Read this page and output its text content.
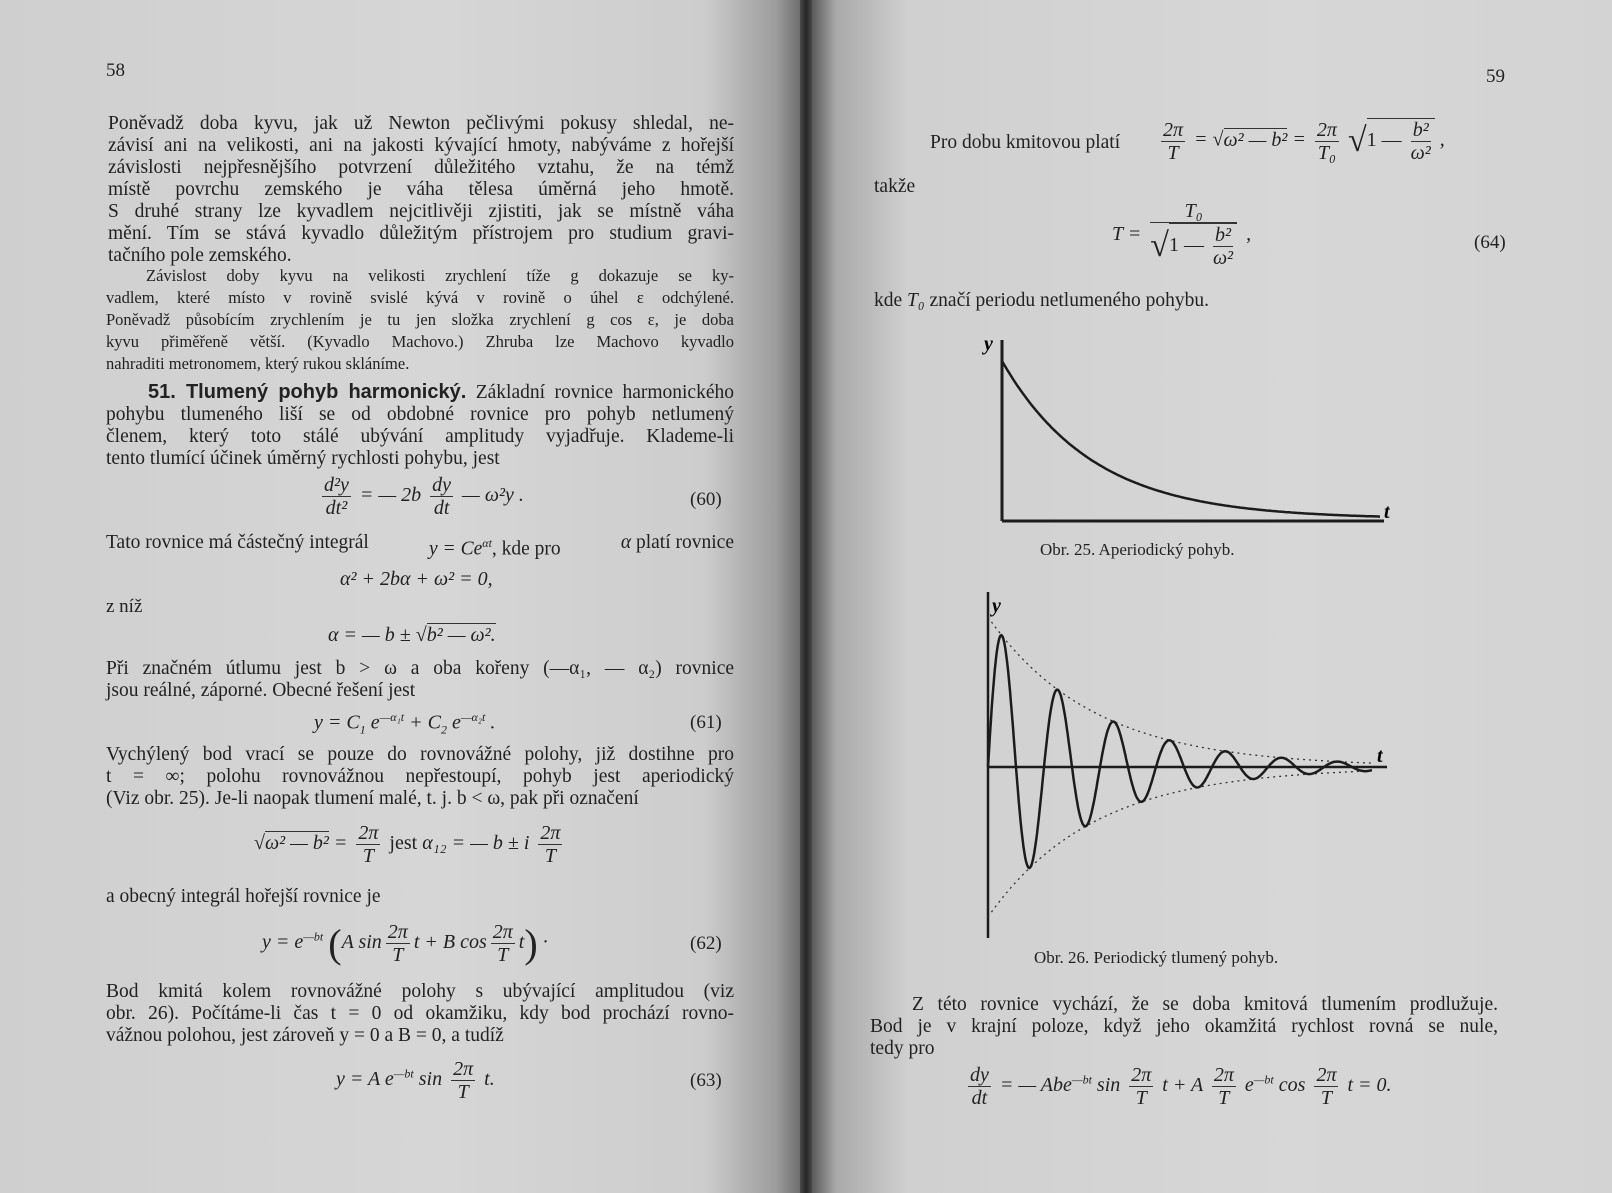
58
Poněvadž doba kyvu, jak už Newton pečlivými pokusy shledal, ne-
závisí ani na velikosti, ani na jakosti kývající hmoty, nabýváme z hořejší
závislosti nejpřesnějšího potvrzení důležitého vztahu, že na témž
místě povrchu zemského je váha tělesa úměrná jeho hmotě.
S druhé strany lze kyvadlem nejcitlivěji zjistiti, jak se místně váha
mění. Tím se stává kyvadlo důležitým přístrojem pro studium gravi-
tačního pole zemského.
Závislost doby kyvu na velikosti zrychlení tíže g dokazuje se ky-
vadlem, které místo v rovině svislé kývá v rovině o úhel ε odchýlené.
Poněvadž působícím zrychlením je tu jen složka zrychlení g cos ε, je doba
kyvu přiměřeně větší. (Kyvadlo Machovo.) Zhruba lze Machovo kyvadlo
nahraditi metronomem, který rukou skláníme.
51. Tlumený pohyb harmonický. Základní rovnice harmonického
pohybu tlumeného liší se od obdobné rovnice pro pohyb netlumený
členem, který toto stálé ubývání amplitudy vyjadřuje. Klademe-li
tento tlumící účinek úměrný rychlosti pohybu, jest
$\frac{\text{d²y}}{\text{dt²}}$ = — $2b \frac{dy}{dt}$ — ω²y .	(60)
Tato rovnice má částečný integrál	$y = Ce^{\alpha t}$, kde pro	α platí rovnice
α² + 2bα + ω² = 0,
z níž
α = — b ± √b² — ω².
Při značném útlumu jest b > ω a oba kořeny (—α₁, — α₂) rovnice
jsou reálné, záporné. Obecné řešení jest
$y = C_1$ $e^{—\alpha_1t} + C_2$ $e^{—\alpha_2t}$ .	(61)
Vychýlený bod vrací se pouze do rovnovážné polohy, již dostihne pro
t = ∞; polohu rovnovážnou nepřestoupí, pohyb jest aperiodický
(Viz obr. 25). Je-li naopak tlumení malé, t. j. b < ω, pak při označení
√ω² — $b^2 = \frac{2\pi}{T}$ jest α₁₂ = — b ± i $\frac{2\pi}{T}$
a obecný integrál hořejší rovnice je
$y = e^{—bt}$ (A $\sin \frac{2\pi}{T}$ t + B $\cos \frac{2\pi}{T} t$) ·	(62)
Bod kmitá kolem rovnovážné polohy s ubývající amplitudou (viz
obr. 26). Počítáme-li čas t = 0 od okamžiku, kdy bod prochází rovno-
vážnou polohou, jest zároveň y = 0 a B = 0, a tudíž
y = A $e^{—bt}$ $\sin \frac{2\pi}{T} t$.	(63)
59
Pro dobu kmitovou platí $\frac{2\pi}{T} = √\omega^2$ — $b^2 = \frac{2\pi}{\text{T₀}} √1$ — $\frac{\text{b²}}{\text{ω²}}$ ,
takže
$T = \frac{\text{T₀}}{√1 — \frac{\text{b²}}{\text{ω²}}}$ ,	(64)
kde T₀ značí periodu netlumeného pohybu.
y
t
Obr. 25. Aperiodický pohyb.
y
t
Obr. 26. Periodický tlumený pohyb.
Z této rovnice vychází, že se doba kmitová tlumením prodlužuje.
Bod je v krajní poloze, když jeho okamžitá rychlost rovná se nule,
tedy pro
$\frac{dy}{dt}$ = — Abe$^{—bt}$ $\sin \frac{2\pi}{T}$ t + A $\frac{2\pi}{T} e^{—bt}$ $\cos \frac{2\pi}{T}$ t = 0.
